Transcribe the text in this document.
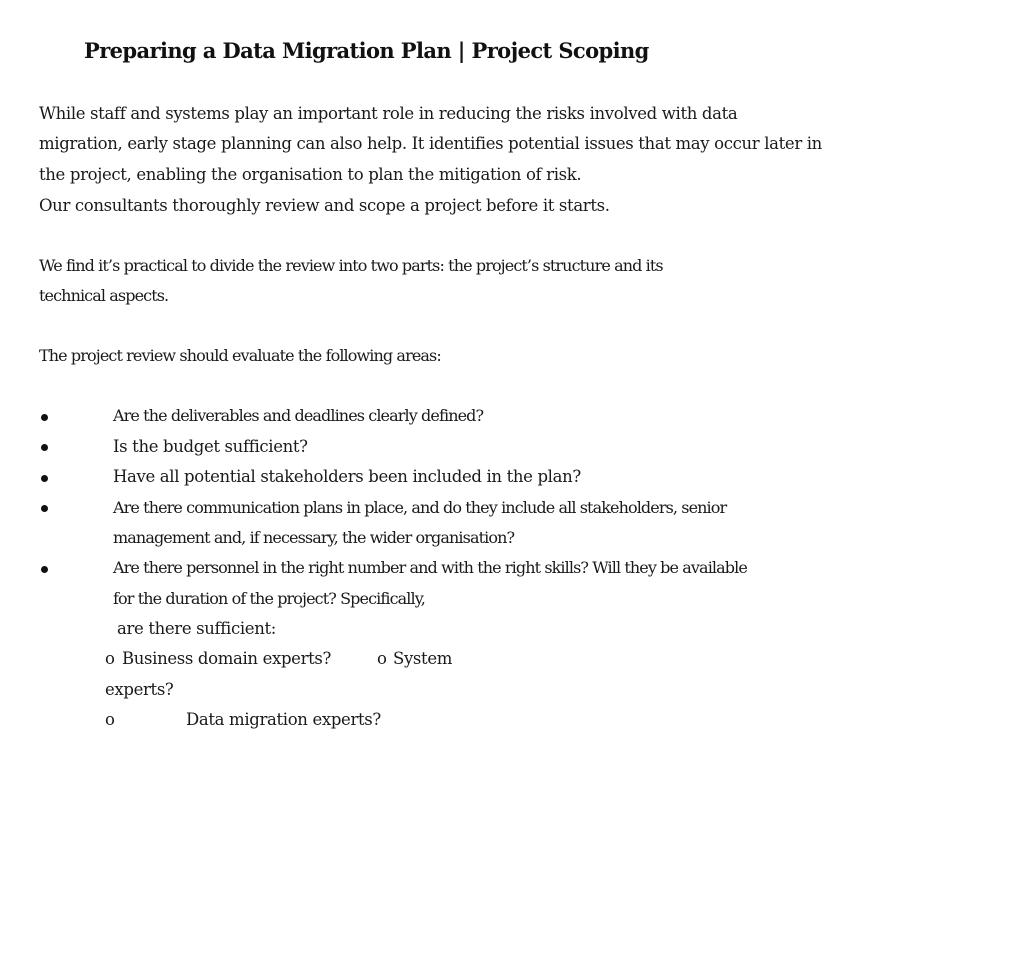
Preparing a Data Migration Plan | Project Scoping
While staff and systems play an important role in reducing the risks involved with data
migration, early stage planning can also help. It identifies potential issues that may occur later in
the project, enabling the organisation to plan the mitigation of risk.
Our consultants thoroughly review and scope a project before it starts.
We find it’s practical to divide the review into two parts: the project’s structure and its
technical aspects.
The project review should evaluate the following areas:
Are the deliverables and deadlines clearly defined?
Is the budget sufficient?
Have all potential stakeholders been included in the plan?
Are there communication plans in place, and do they include all stakeholders, senior
management and, if necessary, the wider organisation?
Are there personnel in the right number and with the right skills? Will they be available
for the duration of the project? Specifically,
are there sufficient:
o Business domain experts?	o System
experts?
o	Data migration experts?
